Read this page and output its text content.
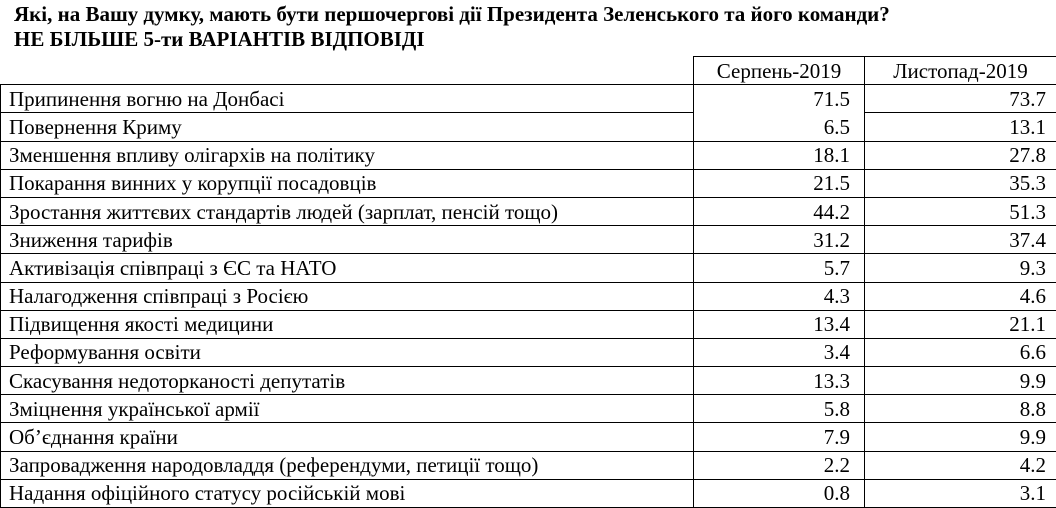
Які, на Вашу думку, мають бути першочергові дії Президента Зеленського та його команди?
НЕ БІЛЬШЕ 5-ти ВАРІАНТІВ ВІДПОВІДІ
	Серпень-2019	Листопад-2019
Припинення вогню на Донбасі	71.5	73.7
Повернення Криму	6.5	13.1
Зменшення впливу олігархів на політику	18.1	27.8
Покарання винних у корупції посадовців	21.5	35.3
Зростання життєвих стандартів людей (зарплат, пенсій тощо)	44.2	51.3
Зниження тарифів	31.2	37.4
Активізація співпраці з ЄС та НАТО	5.7	9.3
Налагодження співпраці з Росією	4.3	4.6
Підвищення якості медицини	13.4	21.1
Реформування освіти	3.4	6.6
Скасування недоторканості депутатів	13.3	9.9
Зміцнення української армії	5.8	8.8
Об’єднання країни	7.9	9.9
Запровадження народовладдя (референдуми, петиції тощо)	2.2	4.2
Надання офіційного статусу російській мові	0.8	3.1
